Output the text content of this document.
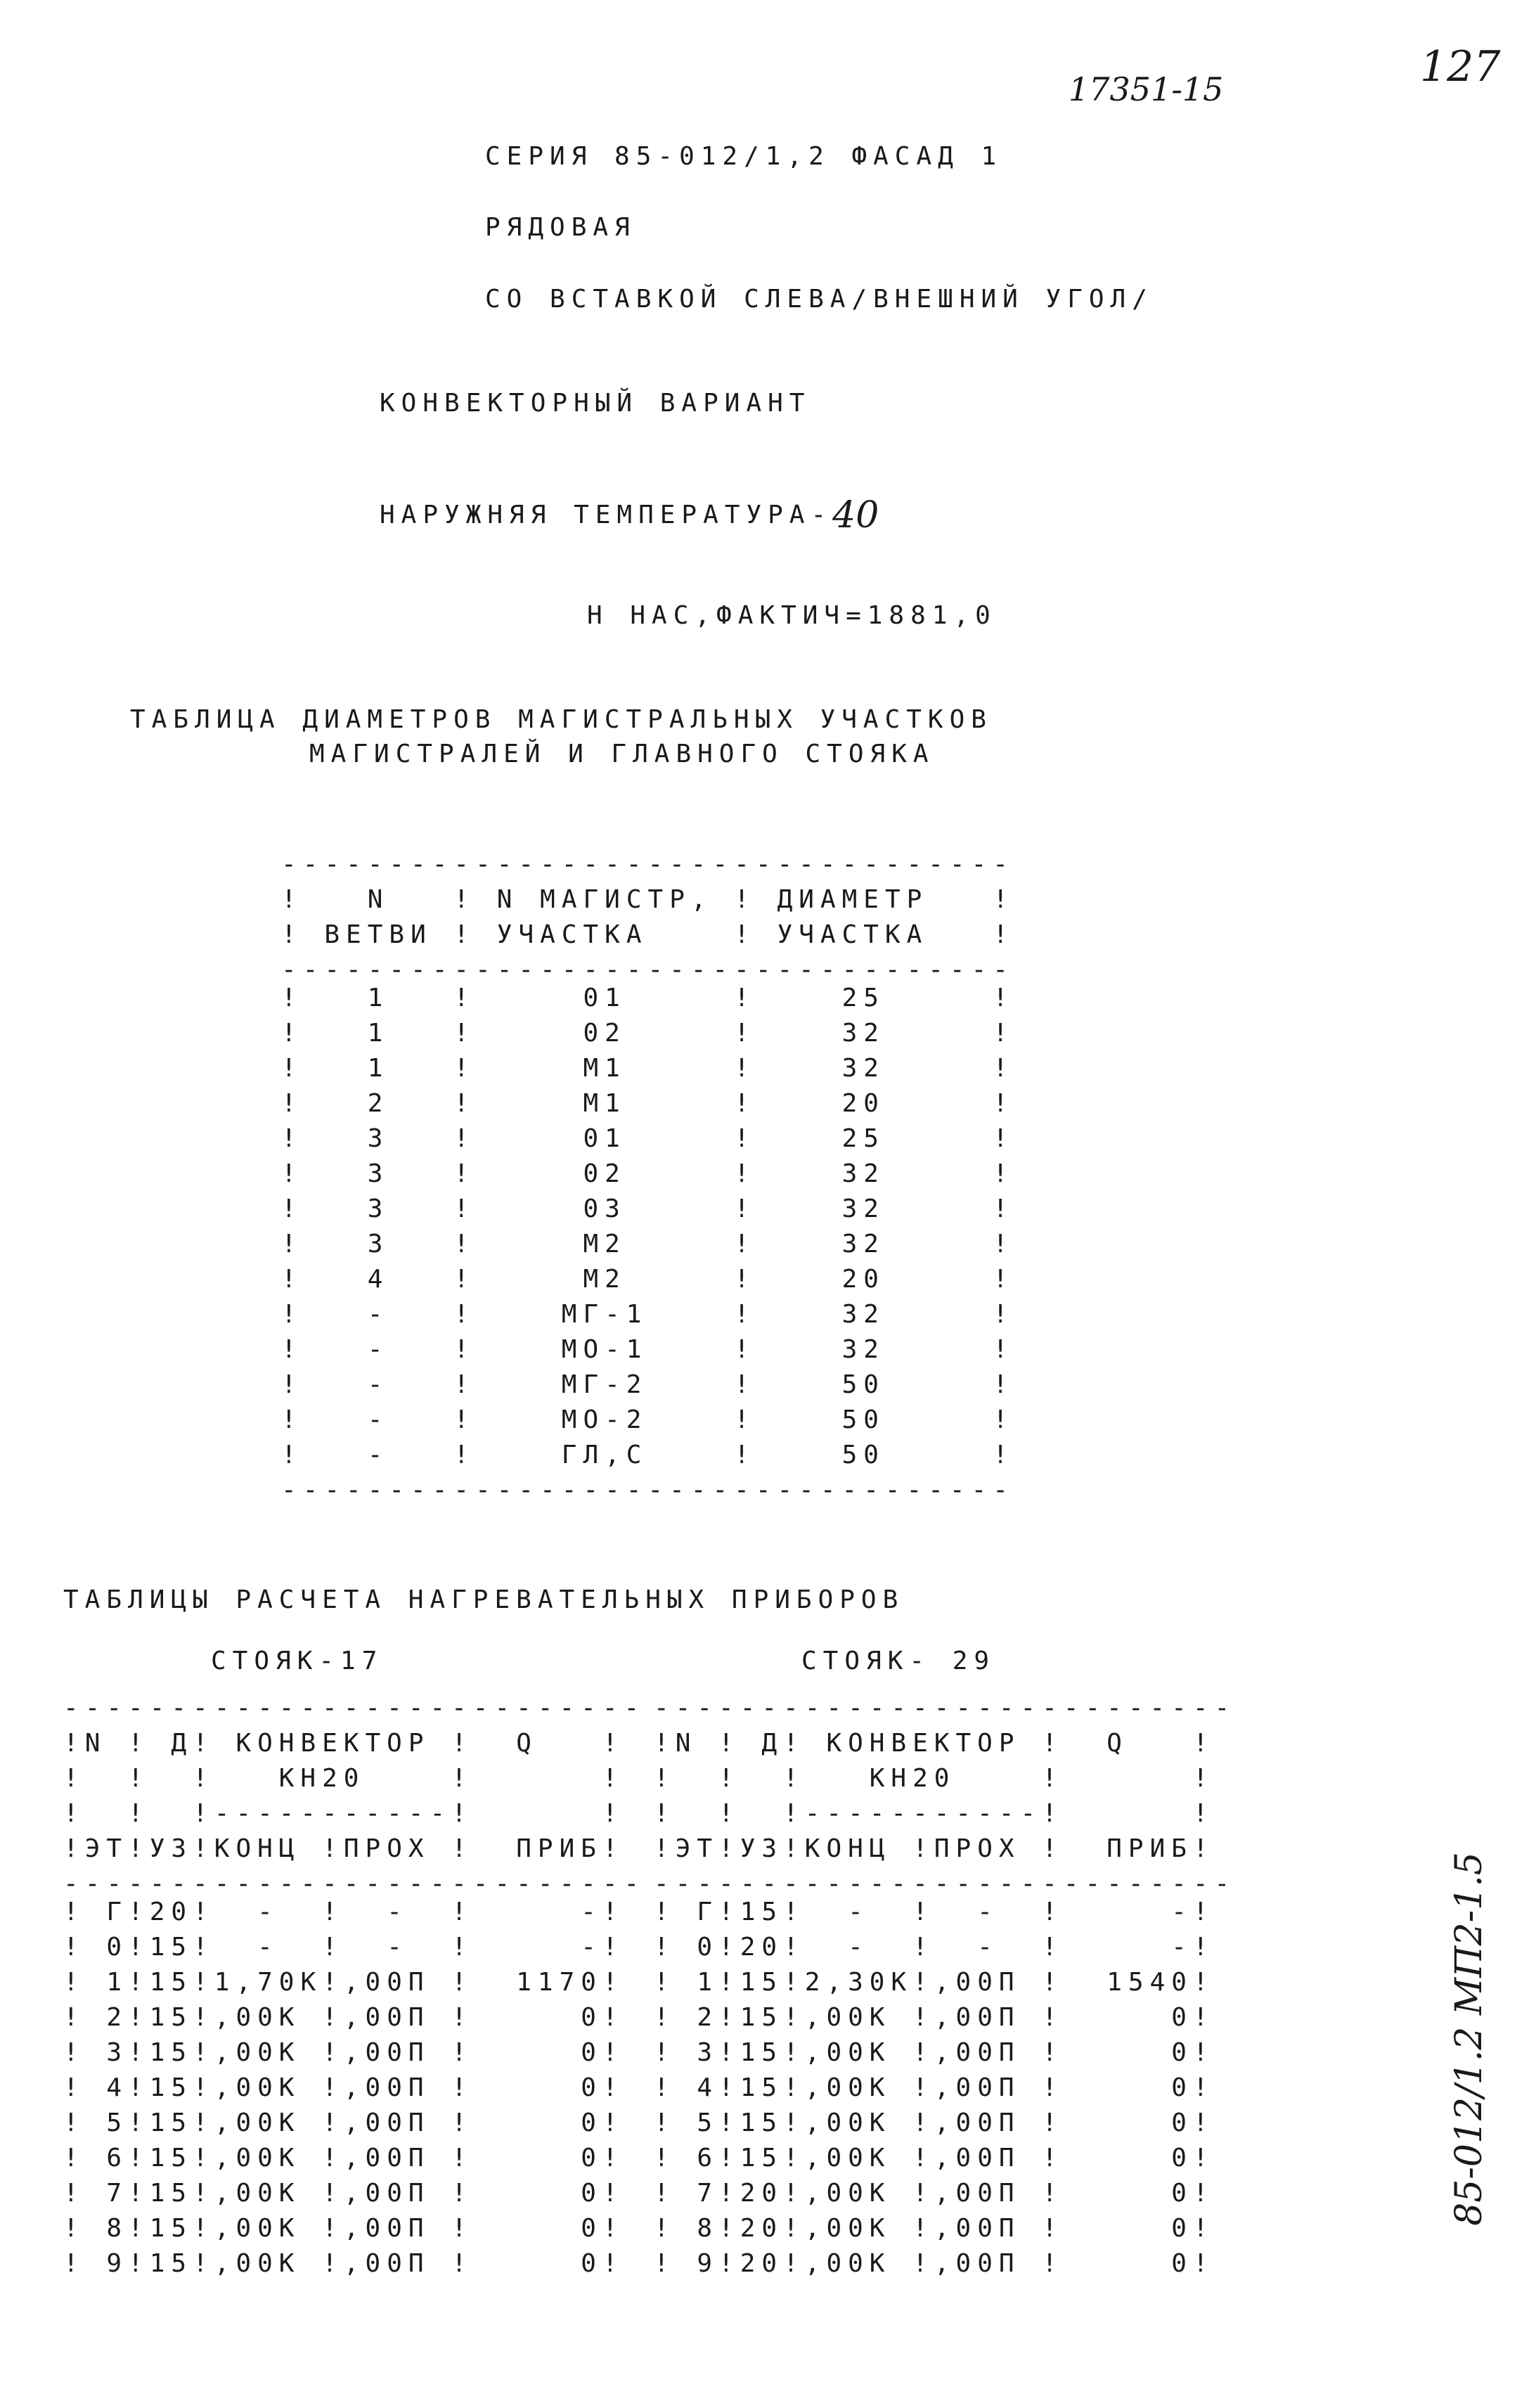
127
17351-15
85-012/1.2 МП2-1.5
СЕРИЯ 85-012/1,2 ФАСАД 1
РЯДОВАЯ
СО ВСТАВКОЙ СЛЕВА/ВНЕШНИЙ УГОЛ/
КОНВЕКТОРНЫЙ ВАРИАНТ
НАРУЖНЯЯ ТЕМПЕРАТУРА-40
Н НАС,ФАКТИЧ=1881,0
ТАБЛИЦА ДИАМЕТРОВ МАГИСТРАЛЬНЫХ УЧАСТКОВ
МАГИСТРАЛЕЙ И ГЛАВНОГО СТОЯКА
----------------------------------
!   N   ! N МАГИСТР, ! ДИАМЕТР   !
! ВЕТВИ ! УЧАСТКА    ! УЧАСТКА   !
----------------------------------
!   1   !     01     !    25     !
!   1   !     02     !    32     !
!   1   !     М1     !    32     !
!   2   !     М1     !    20     !
!   3   !     01     !    25     !
!   3   !     02     !    32     !
!   3   !     03     !    32     !
!   3   !     М2     !    32     !
!   4   !     М2     !    20     !
!   -   !    МГ-1    !    32     !
!   -   !    МО-1    !    32     !
!   -   !    МГ-2    !    50     !
!   -   !    МО-2    !    50     !
!   -   !    ГЛ,С    !    50     !
----------------------------------
ТАБЛИЦЫ РАСЧЕТА НАГРЕВАТЕЛЬНЫХ ПРИБОРОВ
СТОЯК-17	СТОЯК- 29
---------------------------
!N ! Д! КОНВЕКТОР !  Q   !
!  !  !   КН20    !      !
!  !  !-----------!      !
!ЭТ!УЗ!КОНЦ !ПРОХ !  ПРИБ!
---------------------------
---------------------------
!N ! Д! КОНВЕКТОР !  Q   !
!  !  !   КН20    !      !
!  !  !-----------!      !
!ЭТ!УЗ!КОНЦ !ПРОХ !  ПРИБ!
---------------------------
! Г!20!  -  !  -  !     -!
! 0!15!  -  !  -  !     -!
! 1!15!1,70К!,00П !  1170!
! 2!15!,00К !,00П !     0!
! 3!15!,00К !,00П !     0!
! 4!15!,00К !,00П !     0!
! 5!15!,00К !,00П !     0!
! 6!15!,00К !,00П !     0!
! 7!15!,00К !,00П !     0!
! 8!15!,00К !,00П !     0!
! 9!15!,00К !,00П !     0!

! Г!15!  -  !  -  !     -!
! 0!20!  -  !  -  !     -!
! 1!15!2,30К!,00П !  1540!
! 2!15!,00К !,00П !     0!
! 3!15!,00К !,00П !     0!
! 4!15!,00К !,00П !     0!
! 5!15!,00К !,00П !     0!
! 6!15!,00К !,00П !     0!
! 7!20!,00К !,00П !     0!
! 8!20!,00К !,00П !     0!
! 9!20!,00К !,00П !     0!
